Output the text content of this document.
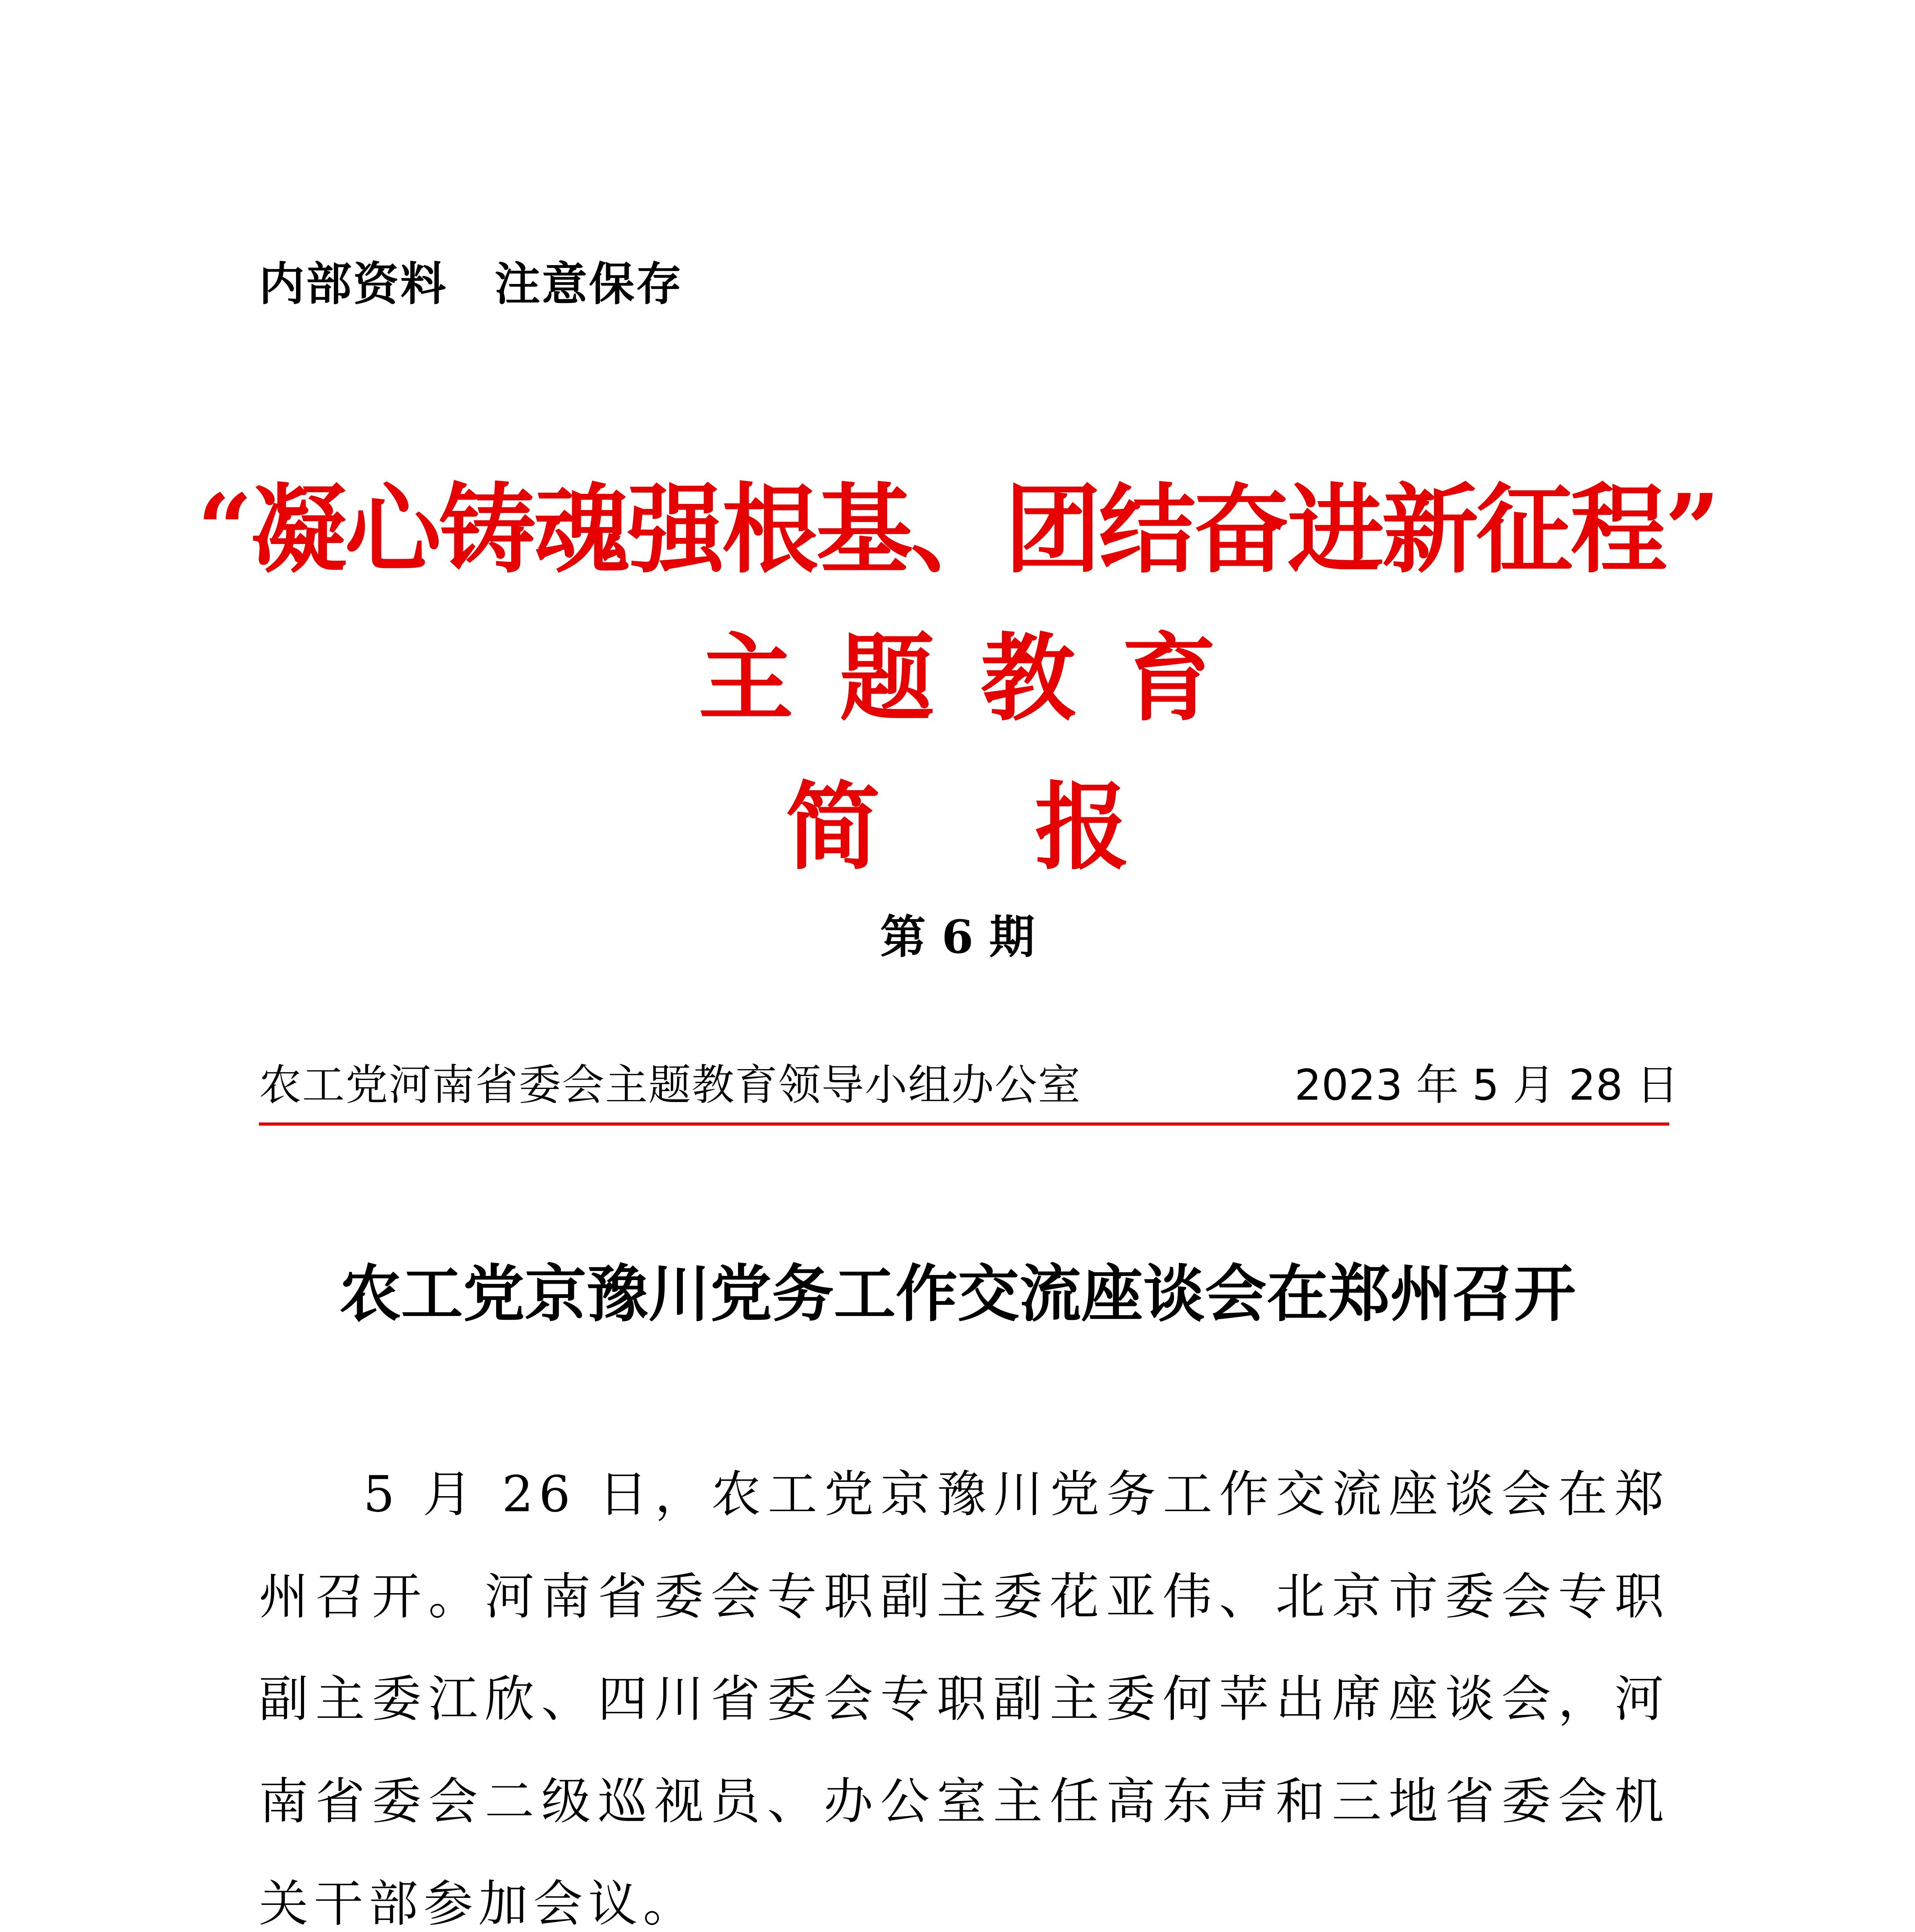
内部资料　注意保存
“凝心铸魂强根基、团结奋进新征程”
主题教育
简报
第 6 期
农工党河南省委会主题教育领导小组办公室	2023 年 5 月 28 日
农工党京豫川党务工作交流座谈会在郑州召开

5 月 26 日，农工党京豫川党务工作交流座谈会在郑州召开。河南省委会专职副主委花亚伟、北京市委会专职副主委江欣、四川省委会专职副主委何苹出席座谈会，河南省委会二级巡视员、办公室主任高东声和三地省委会机关干部参加会议。
